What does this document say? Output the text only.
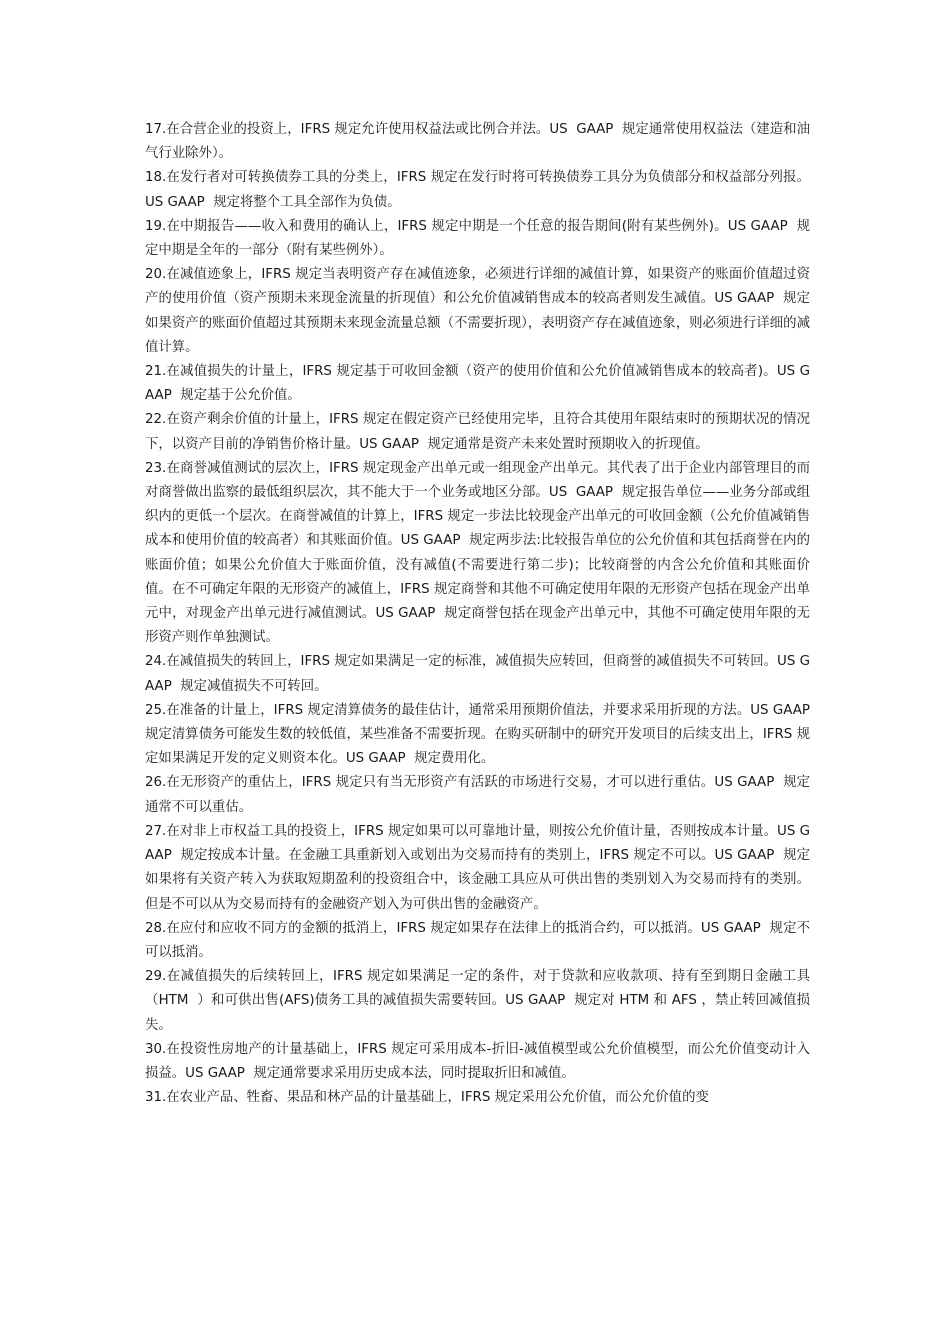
17.在合营企业的投资上，IFRS 规定允许使用权益法或比例合并法。US  GAAP  规定通常使用权益法（建造和油气行业除外）。

18.在发行者对可转换债券工具的分类上，IFRS 规定在发行时将可转换债券工具分为负债部分和权益部分列报。US GAAP  规定将整个工具全部作为负债。

19.在中期报告——收入和费用的确认上，IFRS 规定中期是一个任意的报告期间(附有某些例外)。US GAAP  规定中期是全年的一部分（附有某些例外）。

20.在减值迹象上，IFRS 规定当表明资产存在减值迹象，必须进行详细的减值计算，如果资产的账面价值超过资产的使用价值（资产预期未来现金流量的折现值）和公允价值减销售成本的较高者则发生减值。US GAAP  规定如果资产的账面价值超过其预期未来现金流量总额（不需要折现），表明资产存在减值迹象，则必须进行详细的减值计算。

21.在减值损失的计量上，IFRS 规定基于可收回金额（资产的使用价值和公允价值减销售成本的较高者)。US GAAP  规定基于公允价值。

22.在资产剩余价值的计量上，IFRS 规定在假定资产已经使用完毕，且符合其使用年限结束时的预期状况的情况下，以资产目前的净销售价格计量。US GAAP  规定通常是资产未来处置时预期收入的折现值。

23.在商誉减值测试的层次上，IFRS 规定现金产出单元或一组现金产出单元。其代表了出于企业内部管理目的而对商誉做出监察的最低组织层次，其不能大于一个业务或地区分部。US  GAAP  规定报告单位——业务分部或组织内的更低一个层次。在商誉减值的计算上，IFRS 规定一步法比较现金产出单元的可收回金额（公允价值减销售成本和使用价值的较高者）和其账面价值。US GAAP  规定两步法:比较报告单位的公允价值和其包括商誉在内的账面价值；如果公允价值大于账面价值，没有减值(不需要进行第二步)；比较商誉的内含公允价值和其账面价值。在不可确定年限的无形资产的减值上，IFRS 规定商誉和其他不可确定使用年限的无形资产包括在现金产出单元中，对现金产出单元进行减值测试。US GAAP  规定商誉包括在现金产出单元中，其他不可确定使用年限的无形资产则作单独测试。

24.在减值损失的转回上，IFRS 规定如果满足一定的标准，减值损失应转回，但商誉的减值损失不可转回。US GAAP  规定减值损失不可转回。

25.在准备的计量上，IFRS 规定清算债务的最佳估计，通常采用预期价值法，并要求采用折现的方法。US GAAP  规定清算债务可能发生数的较低值，某些准备不需要折现。在购买研制中的研究开发项目的后续支出上，IFRS 规定如果满足开发的定义则资本化。US GAAP  规定费用化。

26.在无形资产的重估上，IFRS 规定只有当无形资产有活跃的市场进行交易，才可以进行重估。US GAAP  规定通常不可以重估。

27.在对非上市权益工具的投资上，IFRS 规定如果可以可靠地计量，则按公允价值计量，否则按成本计量。US GAAP  规定按成本计量。在金融工具重新划入或划出为交易而持有的类别上，IFRS 规定不可以。US GAAP  规定如果将有关资产转入为获取短期盈利的投资组合中，该金融工具应从可供出售的类别划入为交易而持有的类别。但是不可以从为交易而持有的金融资产划入为可供出售的金融资产。

28.在应付和应收不同方的金额的抵消上，IFRS 规定如果存在法律上的抵消合约，可以抵消。US GAAP  规定不可以抵消。

29.在减值损失的后续转回上，IFRS 规定如果满足一定的条件，对于贷款和应收款项、持有至到期日金融工具（HTM  ）和可供出售(AFS)债务工具的减值损失需要转回。US GAAP  规定对 HTM 和 AFS ，禁止转回减值损失。

30.在投资性房地产的计量基础上，IFRS 规定可采用成本-折旧-减值模型或公允价值模型，而公允价值变动计入损益。US GAAP  规定通常要求采用历史成本法，同时提取折旧和减值。

31.在农业产品、牲畜、果品和林产品的计量基础上，IFRS 规定采用公允价值，而公允价值的变
